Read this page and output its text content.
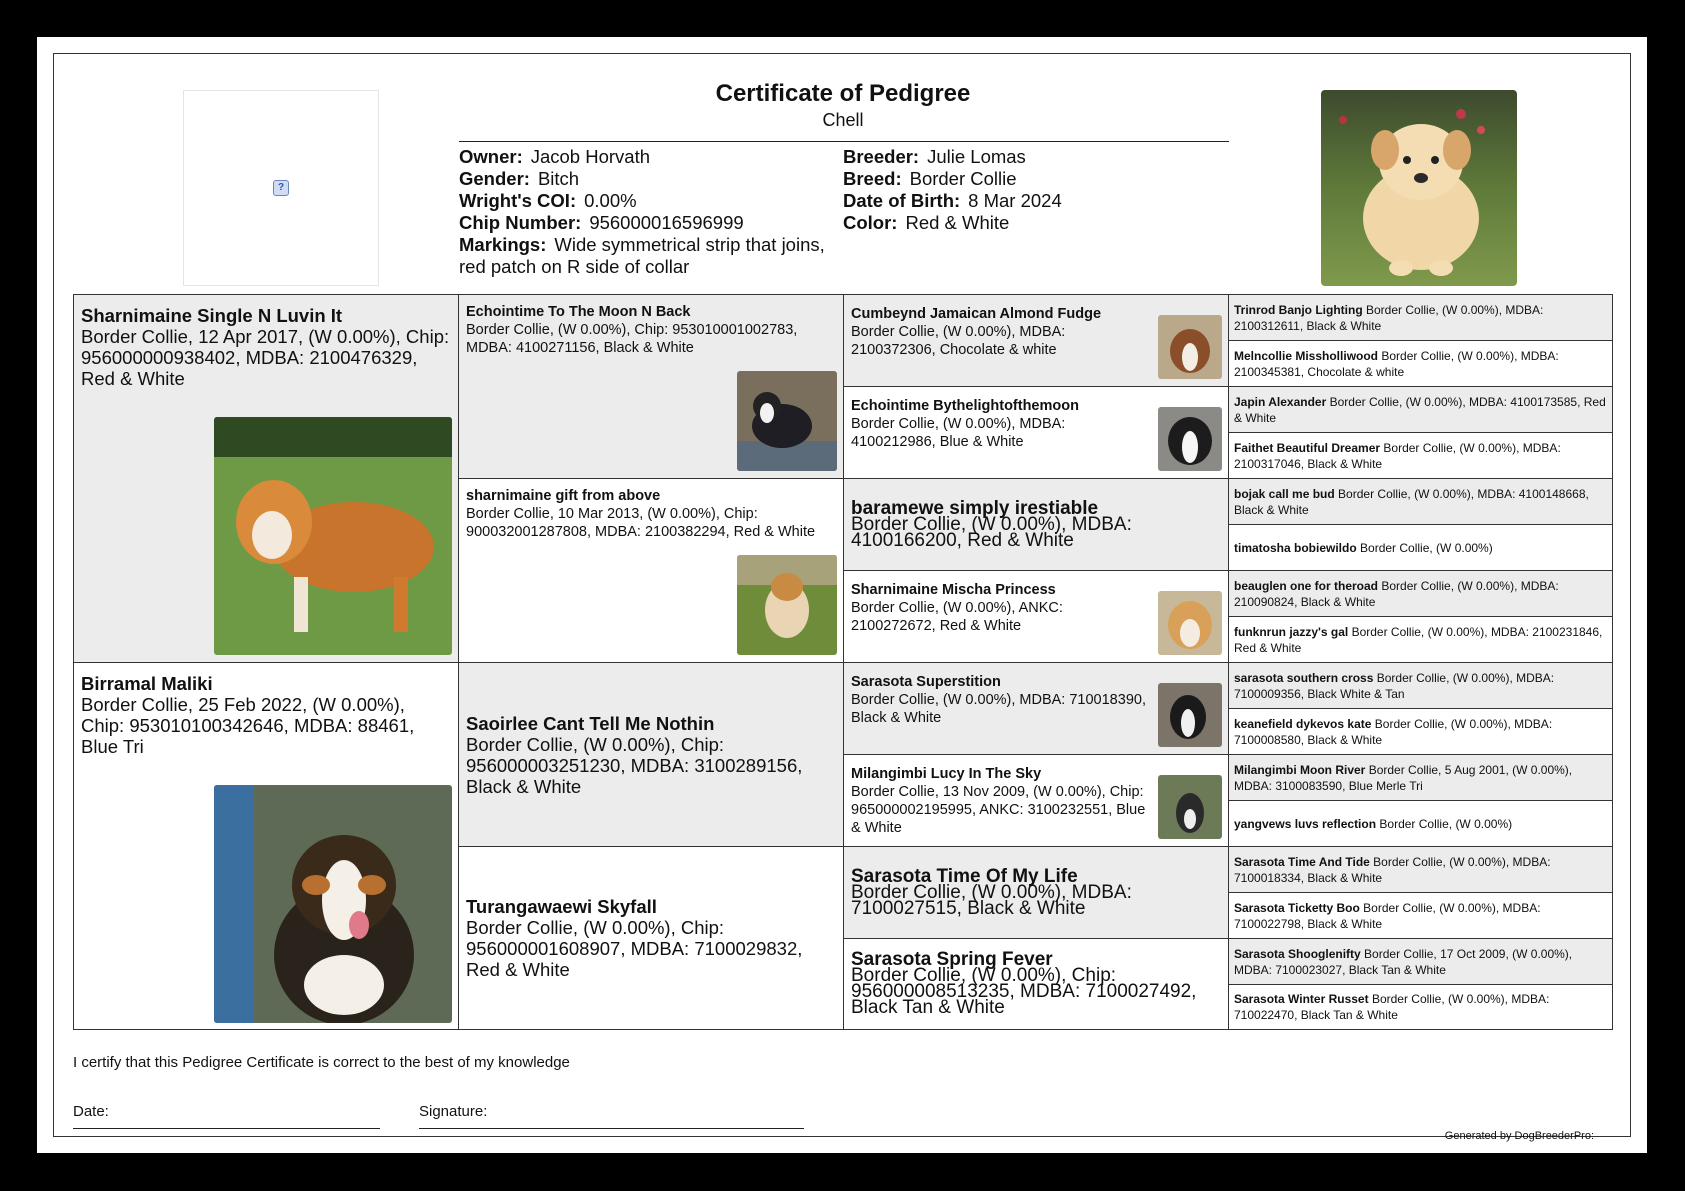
?
Certificate of Pedigree
Chell
Owner: Jacob Horvath
Gender: Bitch
Wright's COI: 0.00%
Chip Number: 956000016596999
Markings: Wide symmetrical strip that joins, red patch on R side of collar
Breeder: Julie Lomas
Breed: Border Collie
Date of Birth: 8 Mar 2024
Color: Red & White
Sharnimaine Single N Luvin It
Border Collie, 12 Apr 2017, (W 0.00%), Chip: 956000000938402, MDBA: 2100476329, Red & White
Birramal Maliki
Border Collie, 25 Feb 2022, (W 0.00%), Chip: 953010100342646, MDBA: 88461, Blue Tri
Echointime To The Moon N Back
Border Collie, (W 0.00%), Chip: 953010001002783, MDBA: 4100271156, Black & White
sharnimaine gift from above
Border Collie, 10 Mar 2013, (W 0.00%), Chip: 900032001287808, MDBA: 2100382294, Red & White
Saoirlee Cant Tell Me Nothin
Border Collie, (W 0.00%), Chip: 956000003251230, MDBA: 3100289156, Black & White
Turangawaewi Skyfall
Border Collie, (W 0.00%), Chip: 956000001608907, MDBA: 7100029832, Red & White
Cumbeynd Jamaican Almond Fudge
Border Collie, (W 0.00%), MDBA: 2100372306, Chocolate & white
Echointime Bythelightofthemoon
Border Collie, (W 0.00%), MDBA: 4100212986, Blue & White
baramewe simply irestiable
Border Collie, (W 0.00%), MDBA: 4100166200, Red & White
Sharnimaine Mischa Princess
Border Collie, (W 0.00%), ANKC: 2100272672, Red & White
Sarasota Superstition
Border Collie, (W 0.00%), MDBA: 710018390, Black & White
Milangimbi Lucy In The Sky
Border Collie, 13 Nov 2009, (W 0.00%), Chip: 965000002195995, ANKC: 3100232551, Blue & White
Sarasota Time Of My Life
Border Collie, (W 0.00%), MDBA: 7100027515, Black & White
Sarasota Spring Fever
Border Collie, (W 0.00%), Chip: 956000008513235, MDBA: 7100027492, Black Tan & White
Trinrod Banjo Lighting Border Collie, (W 0.00%), MDBA: 2100312611, Black & White
Melncollie Missholliwood Border Collie, (W 0.00%), MDBA: 2100345381, Chocolate & white
Japin Alexander Border Collie, (W 0.00%), MDBA: 4100173585, Red & White
Faithet Beautiful Dreamer Border Collie, (W 0.00%), MDBA: 2100317046, Black & White
bojak call me bud Border Collie, (W 0.00%), MDBA: 4100148668, Black & White
timatosha bobiewildo Border Collie, (W 0.00%)
beauglen one for theroad Border Collie, (W 0.00%), MDBA: 210090824, Black & White
funknrun jazzy's gal Border Collie, (W 0.00%), MDBA: 2100231846, Red & White
sarasota southern cross Border Collie, (W 0.00%), MDBA: 7100009356, Black White & Tan
keanefield dykevos kate Border Collie, (W 0.00%), MDBA: 7100008580, Black & White
Milangimbi Moon River Border Collie, 5 Aug 2001, (W 0.00%), MDBA: 3100083590, Blue Merle Tri
yangvews luvs reflection Border Collie, (W 0.00%)
Sarasota Time And Tide Border Collie, (W 0.00%), MDBA: 7100018334, Black & White
Sarasota Ticketty Boo Border Collie, (W 0.00%), MDBA: 7100022798, Black & White
Sarasota Shooglenifty Border Collie, 17 Oct 2009, (W 0.00%), MDBA: 7100023027, Black Tan & White
Sarasota Winter Russet Border Collie, (W 0.00%), MDBA: 710022470, Black Tan & White
I certify that this Pedigree Certificate is correct to the best of my knowledge
Date:	Signature:
Generated by DogBreederPro:
